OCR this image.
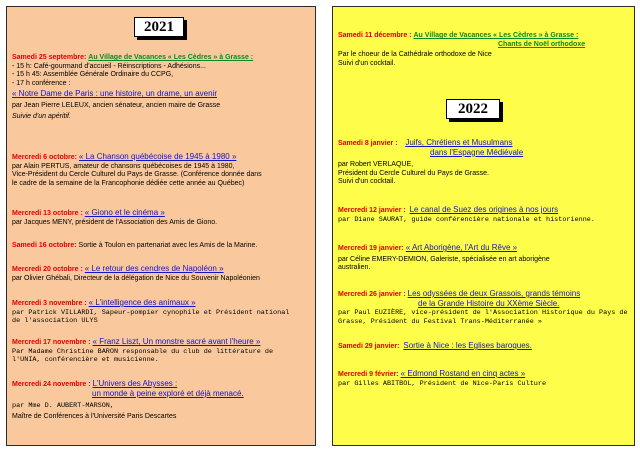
2021
Samedi 25 septembre: Au Village de Vacances « Les Cèdres » à Grasse :
- 15 h: Café-gourmand d'accueil - Réinscriptions - Adhésions...
- 15 h 45: Assemblée Générale Ordinaire du CCPG,
- 17 h conférence :
« Notre Dame de Paris : une histoire, un drame, un avenir
par Jean Pierre LELEUX, ancien sénateur, ancien maire de Grasse
Suivie d'un apéritif.
Mercredi 6 octobre: « La Chanson québécoise de 1945 à 1980 »
par Alain PERTUS, amateur de chansons québécoises de 1945 à 1980,
Vice-Président du Cercle Culturel du Pays de Grasse. (Conférence donnée dans
le cadre de la semaine de la Francophonie dédiée cette année au Québec)
Mercredi 13 octobre : « Giono et le cinéma »
par Jacques MENY, président de l'Association des Amis de Giono.
Samedi 16 octobre: Sortie à Toulon en partenariat avec les Amis de la Marine.
Mercredi 20 octobre : « Le retour des cendres de Napoléon »
par Olivier Ghébali, Directeur de la délégation de Nice du Souvenir Napoléonien
Mercredi 3 novembre : « L'intelligence des animaux »
par Patrick VILLARDI, Sapeur-pompier cynophile et Président national
de l'association ULYS
Mercredi 17 novembre : « Franz Liszt, Un monstre sacré avant l'heure »
Par Madame Christine BARON responsable du club de littérature de
l'UNIA, conférencière et musicienne.
Mercredi 24 novembre : L'Univers des Abysses :
un monde à peine exploré et déjà menacé.
par Mme D. AUBERT-MARSON,
Maître de Conférences à l'Université Paris Descartes
Samedi 11 décembre : Au Village de Vacances « Les Cèdres » à Grasse :
Chants de Noël orthodoxe
Par le choeur de la Cathédrale orthodoxe de Nice
Suivi d'un cocktail.
2022
Samedi 8 janvier : Juifs, Chrétiens et Musulmans
dans l'Espagne Médiévale
par Robert VERLAQUE,
Président du Cercle Culturel du Pays de Grasse.
Suivi d'un cocktail.
Mercredi 12 janvier : Le canal de Suez des origines à nos jours
par Diane SAURAT, guide conférencière nationale et historienne.
Mercredi 19 janvier: « Art Aborigène, l'Art du Rêve »
par Céline EMERY-DEMION, Galeriste, spécialisée en art aborigène
australien.
Mercredi 26 janvier : Les odyssées de deux Grassois, grands témoins
de la Grande Histoire du XXème Siècle.
par Paul EUZIÈRE, vice-président de l'Association Historique du Pays de
Grasse, Président du Festival Trans-Méditerranée »
Samedi 29 janvier: Sortie à Nice : les Eglises baroques.
Mercredi 9 février: « Edmond Rostand en cinq actes »
par Gilles ABITBOL, Président de Nice-Paris Culture
